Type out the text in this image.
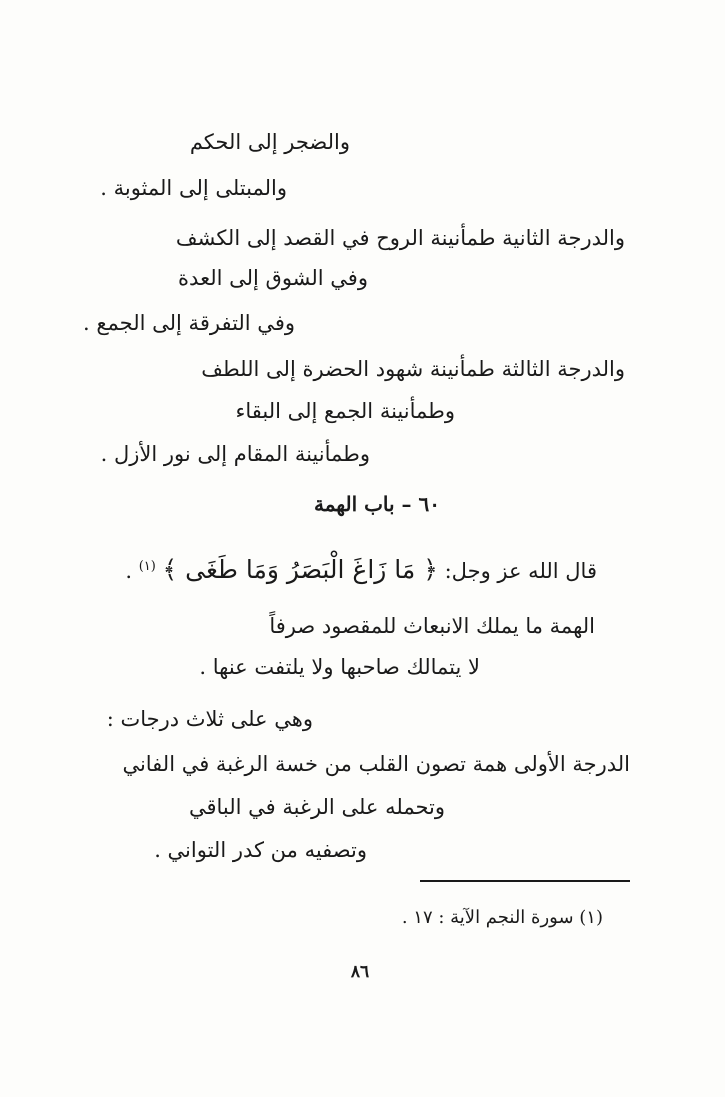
والضجر إلى الحكم
والمبتلى إلى المثوبة .
والدرجة الثانية طمأنينة الروح في القصد إلى الكشف
وفي الشوق إلى العدة
وفي التفرقة إلى الجمع .
والدرجة الثالثة طمأنينة شهود الحضرة إلى اللطف
وطمأنينة الجمع إلى البقاء
وطمأنينة المقام إلى نور الأزل .
٦٠ – باب الهمة
قال الله عز وجل: ﴿ مَا زَاغَ الْبَصَرُ وَمَا طَغَى ﴾ $^{(١)}$ .
الهمة ما يملك الانبعاث للمقصود صرفاً
لا يتمالك صاحبها ولا يلتفت عنها .
وهي على ثلاث درجات :
الدرجة الأولى همة تصون القلب من خسة الرغبة في الفاني
وتحمله على الرغبة في الباقي
وتصفيه من كدر التواني .
(١) سورة النجم الآية : ١٧ .
٨٦
